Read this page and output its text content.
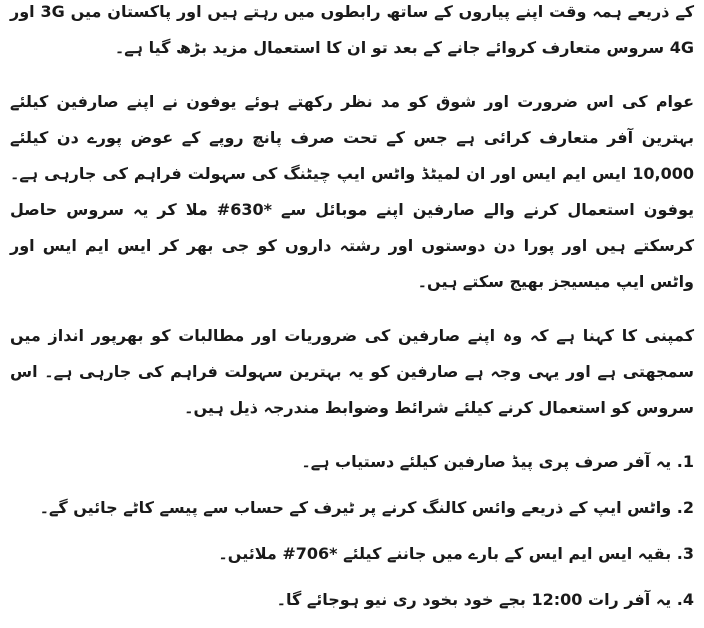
کے ذریعے ہمہ وقت اپنے پیاروں کے ساتھ رابطوں میں رہتے ہیں اور پاکستان میں 3G اور 4G سروس متعارف کروائے جانے کے بعد تو ان کا استعمال مزید بڑھ گیا ہے۔

عوام کی اس ضرورت اور شوق کو مد نظر رکھتے ہوئے یوفون نے اپنے صارفین کیلئے بہترین آفر متعارف کرائی ہے جس کے تحت صرف پانچ روپے کے عوض پورے دن کیلئے 10,000 ایس ایم ایس اور ان لمیٹڈ واٹس ایپ چیٹنگ کی سہولت فراہم کی جارہی ہے۔ یوفون استعمال کرنے والے صارفین اپنے موبائل سے *630# ملا کر یہ سروس حاصل کرسکتے ہیں اور پورا دن دوستوں اور رشتہ داروں کو جی بھر کر ایس ایم ایس اور واٹس ایپ میسیجز بھیج سکتے ہیں۔

کمپنی کا کہنا ہے کہ وہ اپنے صارفین کی ضروریات اور مطالبات کو بھرپور انداز میں سمجھتی ہے اور یہی وجہ ہے صارفین کو یہ بہترین سہولت فراہم کی جارہی ہے۔ اس سروس کو استعمال کرنے کیلئے شرائط وضوابط مندرجہ ذیل ہیں۔

1. یہ آفر صرف پری پیڈ صارفین کیلئے دستیاب ہے۔

2. واٹس ایپ کے ذریعے وائس کالنگ کرنے پر ٹیرف کے حساب سے پیسے کاٹے جائیں گے۔

3. بقیہ ایس ایم ایس کے بارے میں جاننے کیلئے *706# ملائیں۔

4. یہ آفر رات 12:00 بجے خود بخود ری نیو ہوجائے گا۔
